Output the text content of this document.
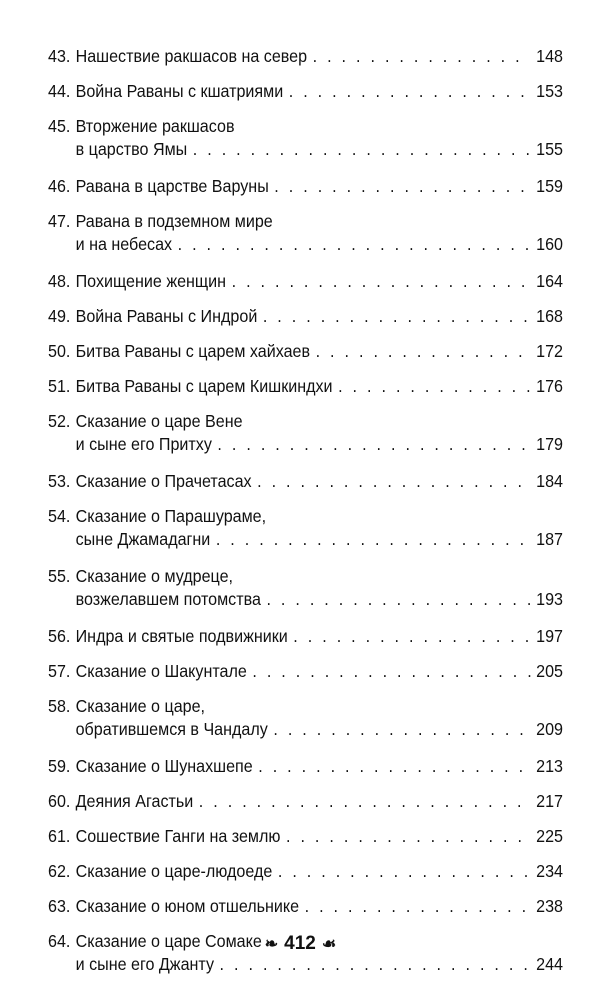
43. Нашествие ракшасов на север . . .	148
44. Война Раваны с кшатриями . . .	153
45. Вторжение ракшасов
в царство Ямы . . .	155
46. Равана в царстве Варуны . . .	159
47. Равана в подземном мире
и на небесах . . .	160
48. Похищение женщин . . .	164
49. Война Раваны с Индрой . . .	168
50. Битва Раваны с царем хайхаев . . .	172
51. Битва Раваны с царем Кишкиндхи . . .	176
52. Сказание о царе Вене
и сыне его Притху . . .	179
53. Сказание о Прачетасах . . .	184
54. Сказание о Парашураме,
сыне Джамадагни . . .	187
55. Сказание о мудреце,
возжелавшем потомства . . .	193
56. Индра и святые подвижники . . .	197
57. Сказание о Шакунтале . . .	205
58. Сказание о царе,
обратившемся в Чандалу . . .	209
59. Сказание о Шунахшепе . . .	213
60. Деяния Агастьи . . .	217
61. Сошествие Ганги на землю . . .	225
62. Сказание о царе-людоеде . . .	234
63. Сказание о юном отшельнике . . .	238
64. Сказание о царе Сомаке
и сыне его Джанту . . .	244
❧ 412 ☙
